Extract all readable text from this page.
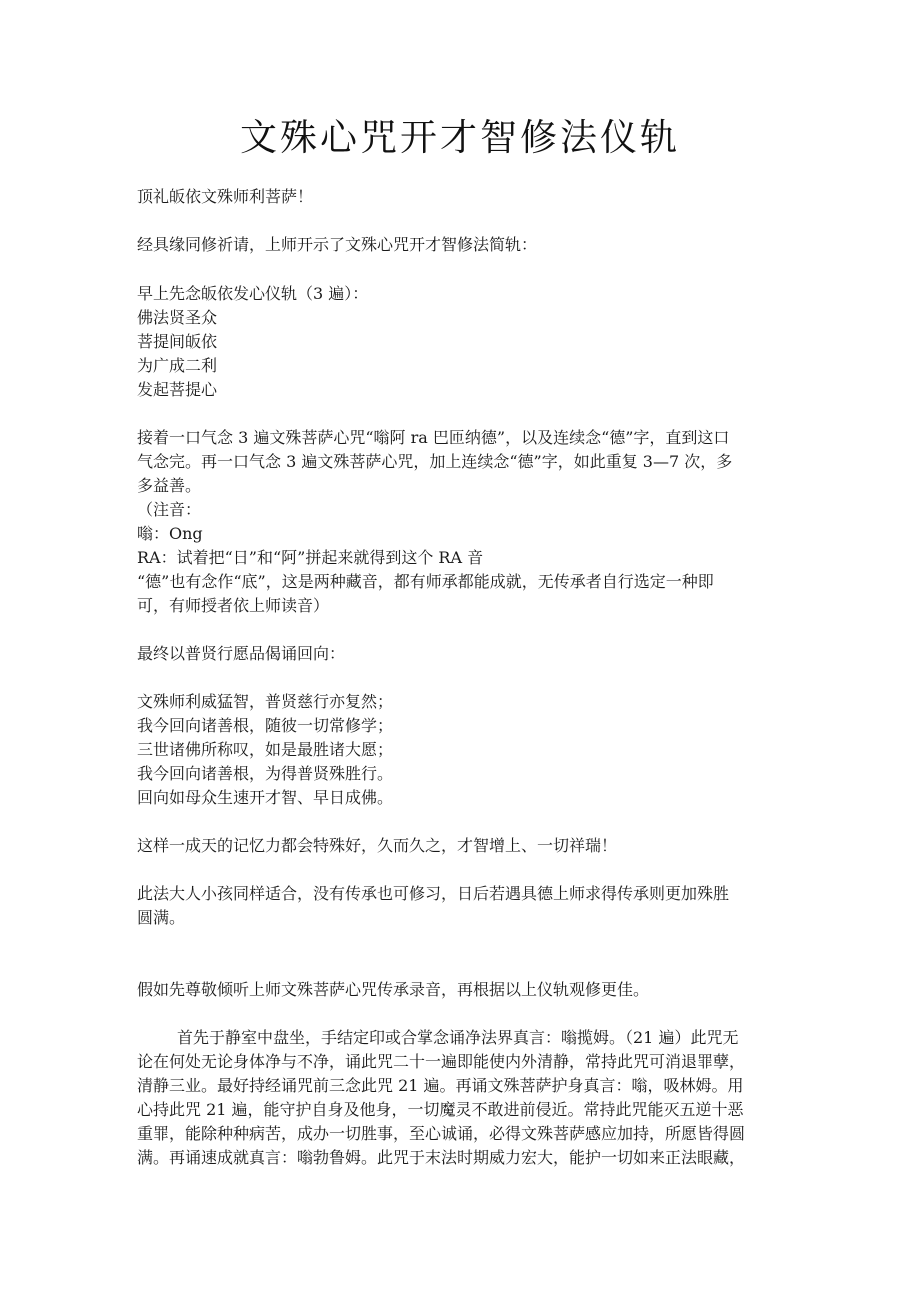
文殊心咒开才智修法仪轨
顶礼皈依文殊师利菩萨！
经具缘同修祈请，上师开示了文殊心咒开才智修法简轨：
早上先念皈依发心仪轨（3 遍）：
佛法贤圣众
菩提间皈依
为广成二利
发起菩提心
接着一口气念 3 遍文殊菩萨心咒“嗡阿 ra 巴匝纳德”，以及连续念“德”字，直到这口
气念完。再一口气念 3 遍文殊菩萨心咒，加上连续念“德”字，如此重复 3—7 次，多
多益善。
（注音：
嗡：Ong
RA：试着把“日”和“阿”拼起来就得到这个 RA 音
“德”也有念作“底”，这是两种藏音，都有师承都能成就，无传承者自行选定一种即
可，有师授者依上师读音）
最终以普贤行愿品偈诵回向：
文殊师利威猛智，普贤慈行亦复然；
我今回向诸善根，随彼一切常修学；
三世诸佛所称叹，如是最胜诸大愿；
我今回向诸善根，为得普贤殊胜行。
回向如母众生速开才智、早日成佛。
这样一成天的记忆力都会特殊好，久而久之，才智增上、一切祥瑞！
此法大人小孩同样适合，没有传承也可修习，日后若遇具德上师求得传承则更加殊胜
圆满。
假如先尊敬倾听上师文殊菩萨心咒传承录音，再根据以上仪轨观修更佳。
首先于静室中盘坐，手结定印或合掌念诵净法界真言：嗡揽姆。（21 遍）此咒无
论在何处无论身体净与不净，诵此咒二十一遍即能使内外清静，常持此咒可消退罪孽，
清静三业。最好持经诵咒前三念此咒 21 遍。再诵文殊菩萨护身真言：嗡，吸林姆。用
心持此咒 21 遍，能守护自身及他身，一切魔灵不敢进前侵近。常持此咒能灭五逆十恶
重罪，能除种种病苦，成办一切胜事，至心诚诵，必得文殊菩萨感应加持，所愿皆得圆
满。再诵速成就真言：嗡勃鲁姆。此咒于末法时期威力宏大，能护一切如来正法眼藏，
